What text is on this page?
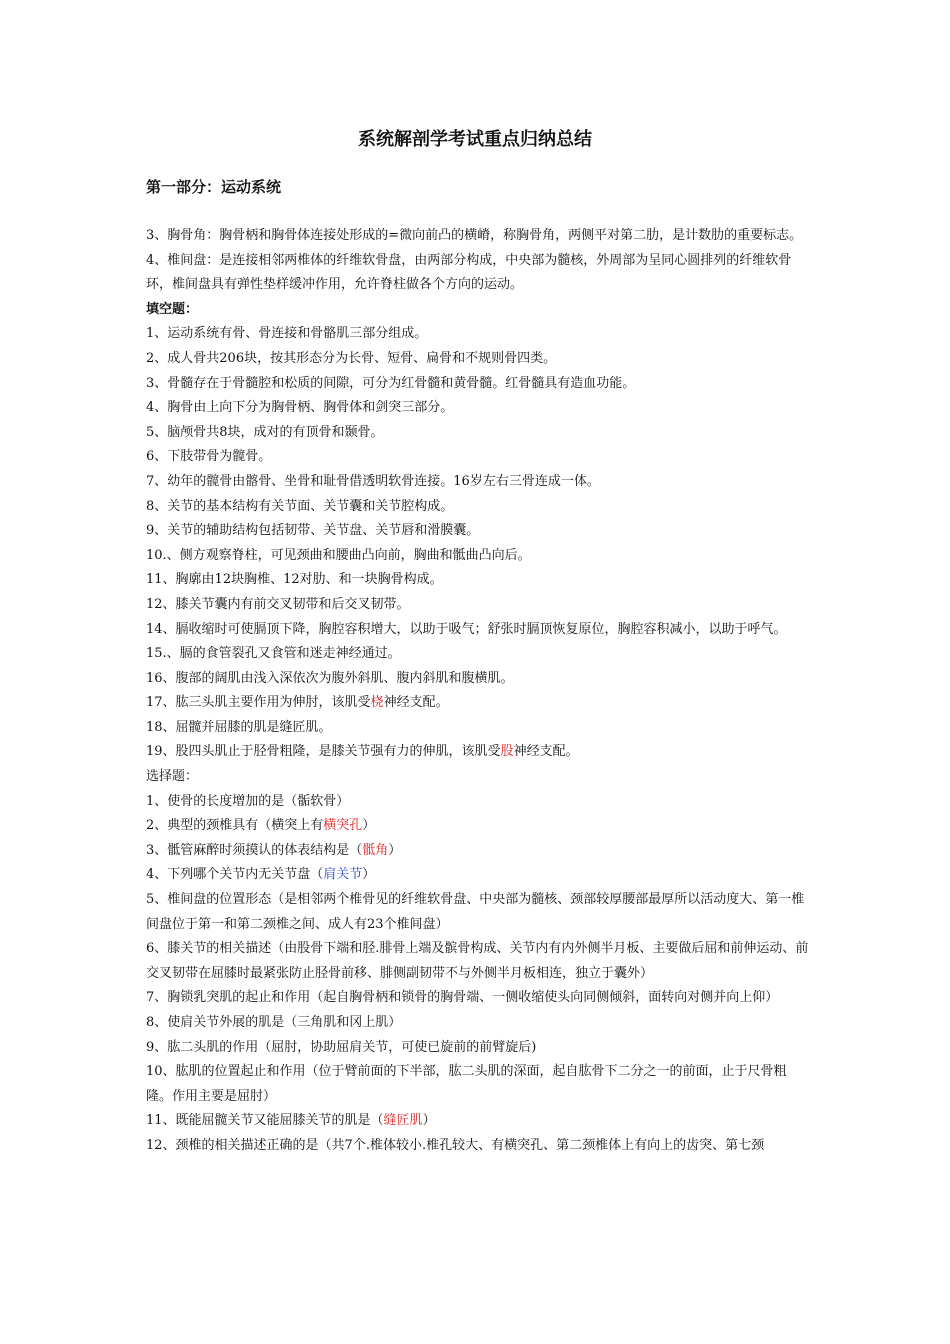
系统解剖学考试重点归纳总结
第一部分：运动系统

3、胸骨角：胸骨柄和胸骨体连接处形成的=微向前凸的横嵴，称胸骨角，两侧平对第二肋，是计数肋的重要标志。

4、椎间盘：是连接相邻两椎体的纤维软骨盘，由两部分构成，中央部为髓核，外周部为呈同心圆排列的纤维软骨环，椎间盘具有弹性垫样缓冲作用，允许脊柱做各个方向的运动。

填空题：

1、运动系统有骨、骨连接和骨骼肌三部分组成。

2、成人骨共206块，按其形态分为长骨、短骨、扁骨和不规则骨四类。

3、骨髓存在于骨髓腔和松质的间隙，可分为红骨髓和黄骨髓。红骨髓具有造血功能。

4、胸骨由上向下分为胸骨柄、胸骨体和剑突三部分。

5、脑颅骨共8块，成对的有顶骨和颞骨。

6、下肢带骨为髋骨。

7、幼年的髋骨由髂骨、坐骨和耻骨借透明软骨连接。16岁左右三骨连成一体。

8、关节的基本结构有关节面、关节囊和关节腔构成。

9、关节的辅助结构包括韧带、关节盘、关节唇和滑膜囊。

10.、侧方观察脊柱，可见颈曲和腰曲凸向前，胸曲和骶曲凸向后。

11、胸廓由12块胸椎、12对肋、和一块胸骨构成。

12、膝关节囊内有前交叉韧带和后交叉韧带。

14、膈收缩时可使膈顶下降，胸腔容积增大，以助于吸气；舒张时膈顶恢复原位，胸腔容积减小，以助于呼气。

15.、膈的食管裂孔又食管和迷走神经通过。

16、腹部的阔肌由浅入深依次为腹外斜肌、腹内斜肌和腹横肌。

17、肱三头肌主要作用为伸肘，该肌受桡神经支配。

18、屈髋并屈膝的肌是缝匠肌。

19、股四头肌止于胫骨粗隆，是膝关节强有力的伸肌，该肌受股神经支配。

选择题：

1、使骨的长度增加的是（骺软骨）

2、典型的颈椎具有（横突上有横突孔）

3、骶管麻醉时须摸认的体表结构是（骶角）

4、下列哪个关节内无关节盘（肩关节）

5、椎间盘的位置形态（是相邻两个椎骨见的纤维软骨盘、中央部为髓核、颈部较厚腰部最厚所以活动度大、第一椎间盘位于第一和第二颈椎之间、成人有23个椎间盘）

6、膝关节的相关描述（由股骨下端和胫.腓骨上端及髌骨构成、关节内有内外侧半月板、主要做后屈和前伸运动、前交叉韧带在屈膝时最紧张防止胫骨前移、腓侧副韧带不与外侧半月板相连，独立于囊外）

7、胸锁乳突肌的起止和作用（起自胸骨柄和锁骨的胸骨端、一侧收缩使头向同侧倾斜，面转向对侧并向上仰）

8、使肩关节外展的肌是（三角肌和冈上肌）

9、肱二头肌的作用（屈肘，协助屈肩关节，可使已旋前的前臂旋后)

10、肱肌的位置起止和作用（位于臂前面的下半部，肱二头肌的深面，起自肱骨下二分之一的前面，止于尺骨粗隆。作用主要是屈肘）

11、既能屈髋关节又能屈膝关节的肌是（缝匠肌）

12、颈椎的相关描述正确的是（共7个.椎体较小.椎孔较大、有横突孔、第二颈椎体上有向上的齿突、第七颈
